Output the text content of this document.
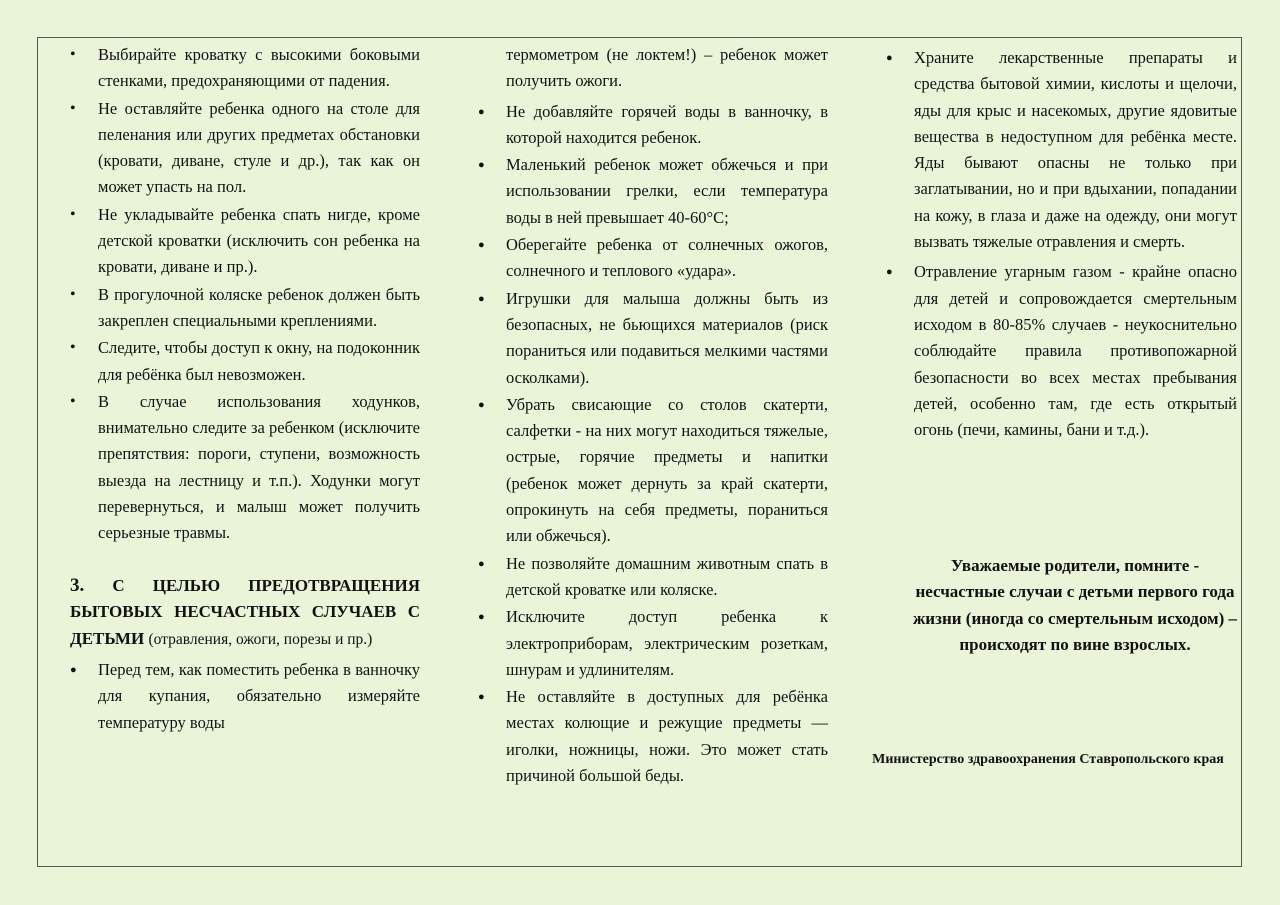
• Выбирайте кроватку с высокими боковыми стенками, предохраняющими от падения.
• Не оставляйте ребенка одного на столе для пеленания или других предметах обстановки (кровати, диване, стуле и др.), так как он может упасть на пол.
• Не укладывайте ребенка спать нигде, кроме детской кроватки (исключить сон ребенка на кровати, диване и пр.).
• В прогулочной коляске ребенок должен быть закреплен специальными креплениями.
• Следите, чтобы доступ к окну, на подоконник для ребёнка был невозможен.
• В случае использования ходунков, внимательно следите за ребенком (исключите препятствия: пороги, ступени, возможность выезда на лестницу и т.п.). Ходунки могут перевернуться, и малыш может получить серьезные травмы.
3. С ЦЕЛЬЮ ПРЕДОТВРАЩЕНИЯ БЫТОВЫХ НЕСЧАСТНЫХ СЛУЧАЕВ С ДЕТЬМИ (отравления, ожоги, порезы и пр.)
● Перед тем, как поместить ребенка в ванночку для купания, обязательно измеряйте температуру воды

термометром (не локтем!) – ребенок может получить ожоги.

● Не добавляйте горячей воды в ванночку, в которой находится ребенок.
● Маленький ребенок может обжечься и при использовании грелки, если температура воды в ней превышает 40-60°С;
● Оберегайте ребенка от солнечных ожогов, солнечного и теплового «удара».
● Игрушки для малыша должны быть из безопасных, не бьющихся материалов (риск пораниться или подавиться мелкими частями осколками).
● Убрать свисающие со столов скатерти, салфетки - на них могут находиться тяжелые, острые, горячие предметы и напитки (ребенок может дернуть за край скатерти, опрокинуть на себя предметы, пораниться или обжечься).
● Не позволяйте домашним животным спать в детской кроватке или коляске.
● Исключите доступ ребенка к электроприборам, электрическим розеткам, шнурам и удлинителям.
● Не оставляйте в доступных для ребёнка местах колющие и режущие предметы — иголки, ножницы, ножи. Это может стать причиной большой беды.
● Храните лекарственные препараты и средства бытовой химии, кислоты и щелочи, яды для крыс и насекомых, другие ядовитые вещества в недоступном для ребёнка месте. Яды бывают опасны не только при заглатывании, но и при вдыхании, попадании на кожу, в глаза и даже на одежду, они могут вызвать тяжелые отравления и смерть.
● Отравление угарным газом - крайне опасно для детей и сопровождается смертельным исходом в 80-85% случаев - неукоснительно соблюдайте правила противопожарной безопасности во всех местах пребывания детей, особенно там, где есть открытый огонь (печи, камины, бани и т.д.).
Уважаемые родители, помните - несчастные случаи с детьми первого года жизни (иногда со смертельным исходом) – происходят по вине взрослых.
Министерство здравоохранения Ставропольского края
